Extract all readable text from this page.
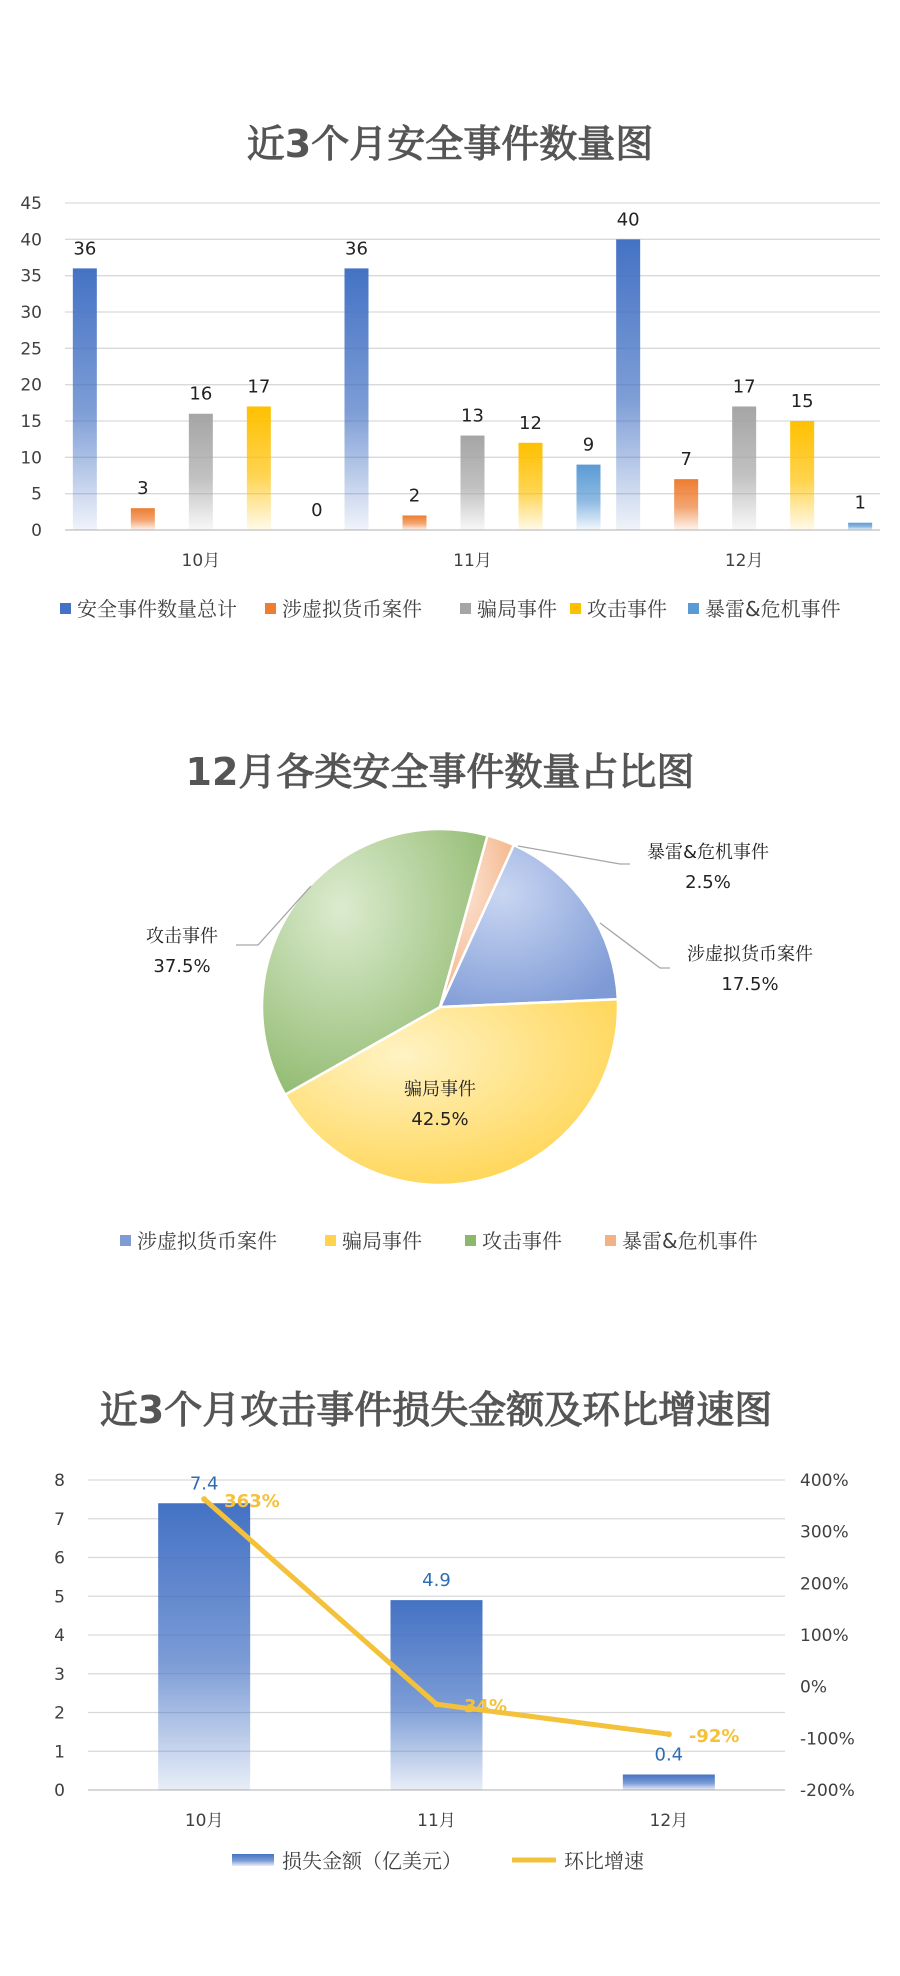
近3个月安全事件数量图
0
5
10
15
20
25
30
35
40
45
36
3
16 17
0
36
2
13 12
9
40
7
17
15
1
10月	11月	12月
安全事件数量总计 涉虚拟货币案件	骗局事件 攻击事件 暴雷&危机事件
12月各类安全事件数量占比图
涉虚拟货币案件
17.5%
骗局事件
42.5%
攻击事件
37.5%
暴雷&危机事件
2.5%
涉虚拟货币案件	骗局事件	攻击事件	暴雷&危机事件
近3个月攻击事件损失金额及环比增速图
0
1
2
3
4
5
6
7
8
-200%
-100%
0%
100%
200%
300%
400%
7.4
4.9
0.4
363%
-34%
-92%
10月	11月	12月
损失金额（亿美元）	环比增速
